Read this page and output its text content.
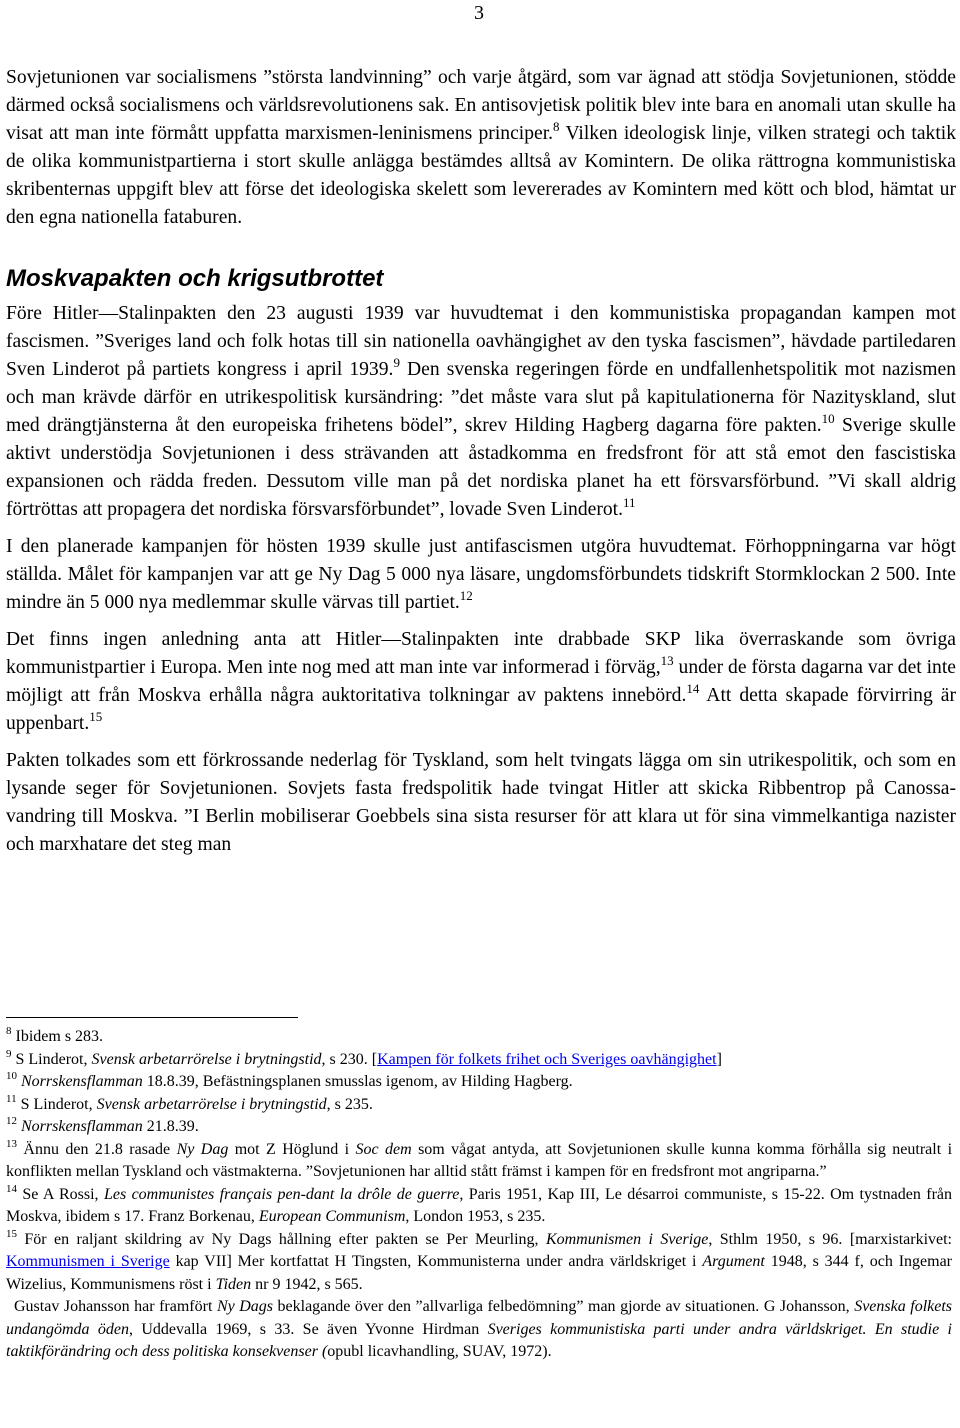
3

Sovjetunionen var socialismens ”största landvinning” och varje åtgärd, som var ägnad att stödja Sovjetunionen, stödde därmed också socialismens och världsrevolutionens sak. En antisovjetisk politik blev inte bara en anomali utan skulle ha visat att man inte förmått uppfatta marxismen-leninismens principer.$^8$ Vilken ideologisk linje, vilken strategi och taktik de olika kommunistpartierna i stort skulle anlägga bestämdes alltså av Komintern. De olika rättrogna kommunistiska skribenternas uppgift blev att förse det ideologiska skelett som levererades av Komintern med kött och blod, hämtat ur den egna nationella fataburen.

Moskvapakten och krigsutbrottet

Före Hitler—Stalinpakten den 23 augusti 1939 var huvudtemat i den kommunistiska propagandan kampen mot fascismen. ”Sveriges land och folk hotas till sin nationella oavhängighet av den tyska fascismen”, hävdade partiledaren Sven Linderot på partiets kongress i april 1939.$^9$ Den svenska regeringen förde en undfallenhetspolitik mot nazismen och man krävde därför en utrikespolitisk kursändring: ”det måste vara slut på kapitulationerna för Nazityskland, slut med drängtjänsterna åt den europeiska frihetens bödel”, skrev Hilding Hagberg dagarna före pakten.$^{10}$ Sverige skulle aktivt understödja Sovjetunionen i dess strävanden att åstadkomma en fredsfront för att stå emot den fascistiska expansionen och rädda freden. Dessutom ville man på det nordiska planet ha ett försvarsförbund. ”Vi skall aldrig förtröttas att propagera det nordiska försvarsförbundet”, lovade Sven Linderot.$^{11}$

I den planerade kampanjen för hösten 1939 skulle just antifascismen utgöra huvudtemat. Förhoppningarna var högt ställda. Målet för kampanjen var att ge Ny Dag 5 000 nya läsare, ungdomsförbundets tidskrift Stormklockan 2 500. Inte mindre än 5 000 nya medlemmar skulle värvas till partiet.$^{12}$

Det finns ingen anledning anta att Hitler—Stalinpakten inte drabbade SKP lika överraskande som övriga kommunistpartier i Europa. Men inte nog med att man inte var informerad i förväg,$^{13}$ under de första dagarna var det inte möjligt att från Moskva erhålla några auktoritativa tolkningar av paktens innebörd.$^{14}$ Att detta skapade förvirring är uppenbart.$^{15}$

Pakten tolkades som ett förkrossande nederlag för Tyskland, som helt tvingats lägga om sin utrikespolitik, och som en lysande seger för Sovjetunionen. Sovjets fasta fredspolitik hade tvingat Hitler att skicka Ribbentrop på Canossa-vandring till Moskva. ”I Berlin mobiliserar Goebbels sina sista resurser för att klara ut för sina vimmelkantiga nazister och marxhatare det steg man

$^8$ Ibidem s 283.

$^9$ S Linderot, Svensk arbetarrörelse i brytningstid, s 230. [Kampen för folkets frihet och Sveriges oavhängighet]

$^{10}$ Norrskensflamman 18.8.39, Befästningsplanen smusslas igenom, av Hilding Hagberg.

$^{11}$ S Linderot, Svensk arbetarrörelse i brytningstid, s 235.

$^{12}$ Norrskensflamman 21.8.39.

$^{13}$ Ännu den 21.8 rasade Ny Dag mot Z Höglund i Soc dem som vågat antyda, att Sovjetunionen skulle kunna komma förhålla sig neutralt i konflikten mellan Tyskland och västmakterna. ”Sovjetunionen har alltid stått främst i kampen för en fredsfront mot angriparna.”

$^{14}$ Se A Rossi, Les communistes français pen-dant la drôle de guerre, Paris 1951, Kap III, Le désarroi communiste, s 15-22. Om tystnaden från Moskva, ibidem s 17. Franz Borkenau, European Communism, London 1953, s 235.

$^{15}$ För en raljant skildring av Ny Dags hållning efter pakten se Per Meurling, Kommunismen i Sverige, Sthlm 1950, s 96. [marxistarkivet: Kommunismen i Sverige kap VII] Mer kortfattat H Tingsten, Kommunisterna under andra världskriget i Argument 1948, s 344 f, och Ingemar Wizelius, Kommunismens röst i Tiden nr 9 1942, s 565.

Gustav Johansson har framfört Ny Dags beklagande över den ”allvarliga felbedömning” man gjorde av situationen. G Johansson, Svenska folkets undangömda öden, Uddevalla 1969, s 33. Se även Yvonne Hirdman Sveriges kommunistiska parti under andra världskriget. En studie i taktikförändring och dess politiska konsekvenser (opubl licavhandling, SUAV, 1972).
